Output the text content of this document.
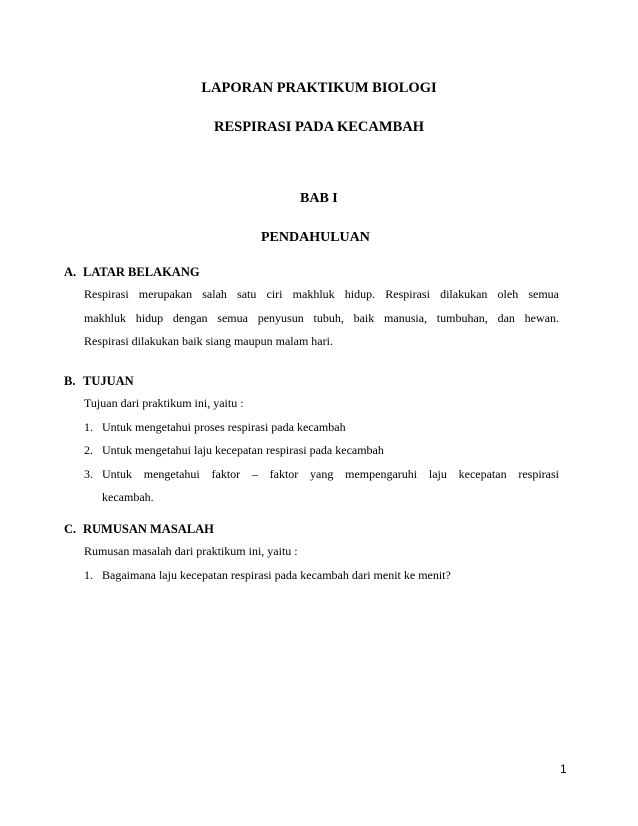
LAPORAN PRAKTIKUM BIOLOGI
RESPIRASI PADA KECAMBAH
BAB I
PENDAHULUAN
A. LATAR BELAKANG
Respirasi merupakan salah satu ciri makhluk hidup. Respirasi dilakukan oleh semua
makhluk hidup dengan semua penyusun tubuh, baik manusia, tumbuhan, dan hewan.
Respirasi dilakukan baik siang maupun malam hari.
B. TUJUAN
Tujuan dari praktikum ini, yaitu :
1. Untuk mengetahui proses respirasi pada kecambah
2. Untuk mengetahui laju kecepatan respirasi pada kecambah
3. Untuk mengetahui faktor – faktor yang mempengaruhi laju kecepatan respirasi
kecambah.
C. RUMUSAN MASALAH
Rumusan masalah dari praktikum ini, yaitu :
1. Bagaimana laju kecepatan respirasi pada kecambah dari menit ke menit?
1
